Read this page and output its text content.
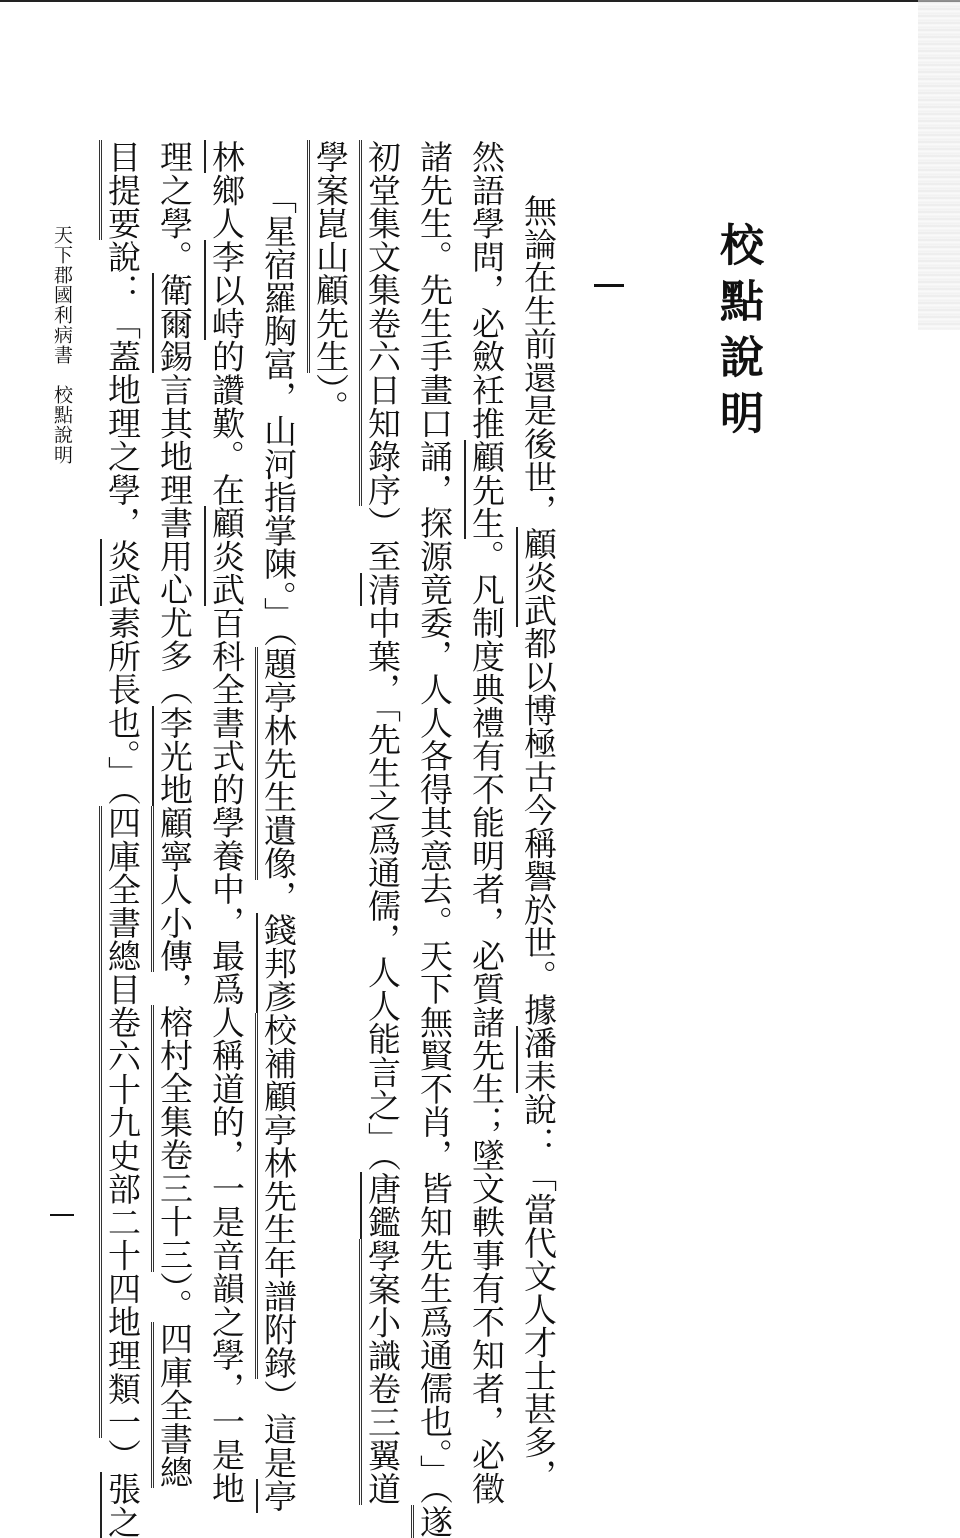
校點說明
無論在生前還是後世，顧炎武都以博極古今稱譽於世。據潘耒說：「當代文人才士甚多，
然語學問，必斂衽推顧先生。凡制度典禮有不能明者，必質諸先生；墜文軼事有不知者，必徵
諸先生。先生手畫口誦，探源竟委，人人各得其意去。天下無賢不肖，皆知先生爲通儒也。」（遂
初堂集文集卷六日知錄序）至清中葉，「先生之爲通儒，人人能言之」（唐鑑學案小識卷三翼道
學案崑山顧先生）。
「星宿羅胸富，山河指掌陳。」（題亭林先生遺像，錢邦彥校補顧亭林先生年譜附錄）這是亭
林鄉人李以峙的讚歎。在顧炎武百科全書式的學養中，最爲人稱道的，一是音韻之學，一是地
理之學。衛爾錫言其地理書用心尤多（李光地顧寧人小傳，榕村全集卷三十三）。四庫全書總
目提要說：「蓋地理之學，炎武素所長也。」（四庫全書總目卷六十九史部二十四地理類一）張之
天下郡國利病書　校點說明
